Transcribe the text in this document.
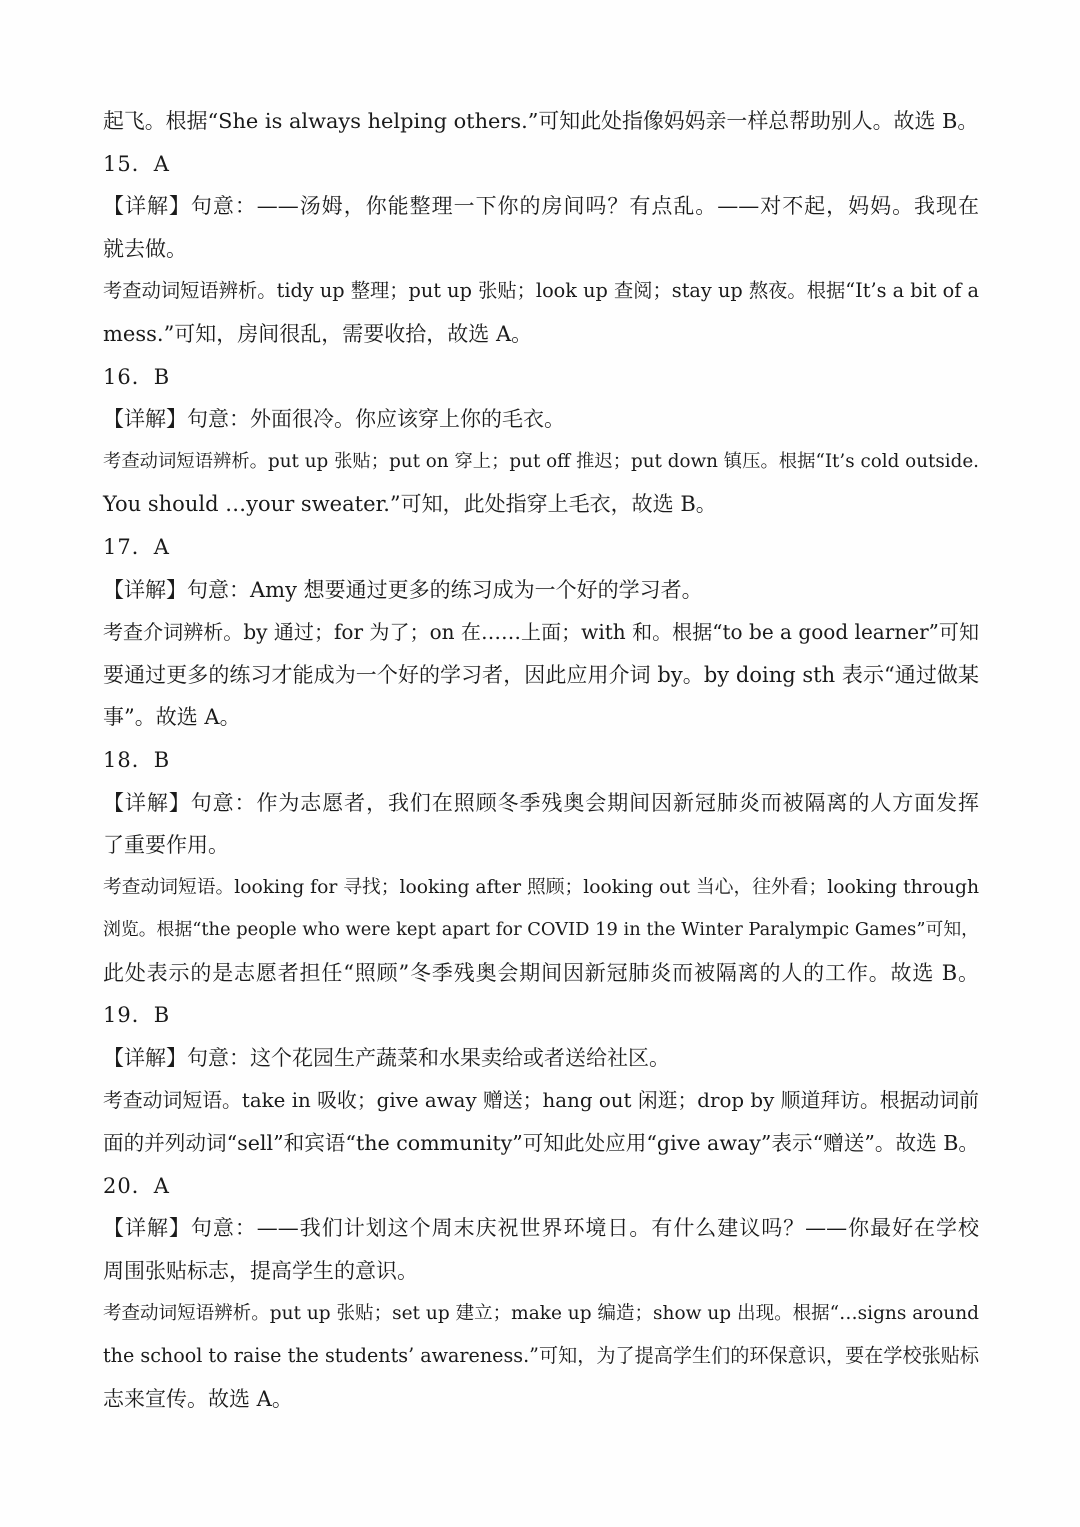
起飞。根据“She is always helping others.”可知此处指像妈妈亲一样总帮助别人。故选 B。
15．A
【详解】句意：——汤姆，你能整理一下你的房间吗？有点乱。——对不起，妈妈。我现在
就去做。
考查动词短语辨析。tidy up 整理；put up 张贴；look up 查阅；stay up 熬夜。根据“It’s a bit of a
mess.”可知，房间很乱，需要收拾，故选 A。
16．B
【详解】句意：外面很冷。你应该穿上你的毛衣。
考查动词短语辨析。put up 张贴；put on 穿上；put off 推迟；put down 镇压。根据“It’s cold outside.
You should …your sweater.”可知，此处指穿上毛衣，故选 B。
17．A
【详解】句意：Amy 想要通过更多的练习成为一个好的学习者。
考查介词辨析。by 通过；for 为了；on 在……上面；with 和。根据“to be a good learner”可知
要通过更多的练习才能成为一个好的学习者，因此应用介词 by。by doing sth 表示“通过做某
事”。故选 A。
18．B
【详解】句意：作为志愿者，我们在照顾冬季残奥会期间因新冠肺炎而被隔离的人方面发挥
了重要作用。
考查动词短语。looking for 寻找；looking after 照顾；looking out 当心，往外看；looking through
浏览。根据“the people who were kept apart for COVID 19 in the Winter Paralympic Games”可知，
此处表示的是志愿者担任“照顾”冬季残奥会期间因新冠肺炎而被隔离的人的工作。故选 B。
19．B
【详解】句意：这个花园生产蔬菜和水果卖给或者送给社区。
考查动词短语。take in 吸收；give away 赠送；hang out 闲逛；drop by 顺道拜访。根据动词前
面的并列动词“sell”和宾语“the community”可知此处应用“give away”表示“赠送”。故选 B。
20．A
【详解】句意：——我们计划这个周末庆祝世界环境日。有什么建议吗？——你最好在学校
周围张贴标志，提高学生的意识。
考查动词短语辨析。put up 张贴；set up 建立；make up 编造；show up 出现。根据“…signs around
the school to raise the students’ awareness.”可知，为了提高学生们的环保意识，要在学校张贴标
志来宣传。故选 A。
